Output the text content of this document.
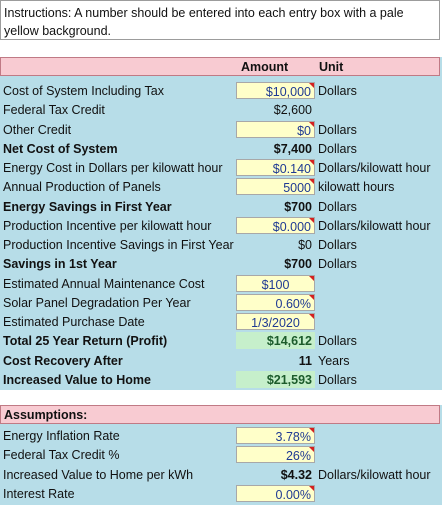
Instructions: A number should be entered into each entry box with a pale yellow background.
Amount Unit
Cost of System Including Tax	$10,000 Dollars
Federal Tax Credit	$2,600
Other Credit	$0 Dollars
Net Cost of System	$7,400 Dollars
Energy Cost in Dollars per kilowatt hour	$0.140 Dollars/kilowatt hour
Annual Production of Panels	5000 kilowatt hours
Energy Savings in First Year	$700 Dollars
Production Incentive per kilowatt hour	$0.000 Dollars/kilowatt hour
Production Incentive Savings in First Year	$0 Dollars
Savings in 1st Year	$700 Dollars
Estimated Annual Maintenance Cost	$100
Solar Panel Degradation Per Year	0.60%
Estimated Purchase Date	1/3/2020
Total 25 Year Return (Profit)	$14,612 Dollars
Cost Recovery After	11 Years
Increased Value to Home	$21,593 Dollars
Assumptions:
Energy Inflation Rate	3.78%
Federal Tax Credit %	26%
Increased Value to Home per kWh	$4.32 Dollars/kilowatt hour
Interest Rate	0.00%
